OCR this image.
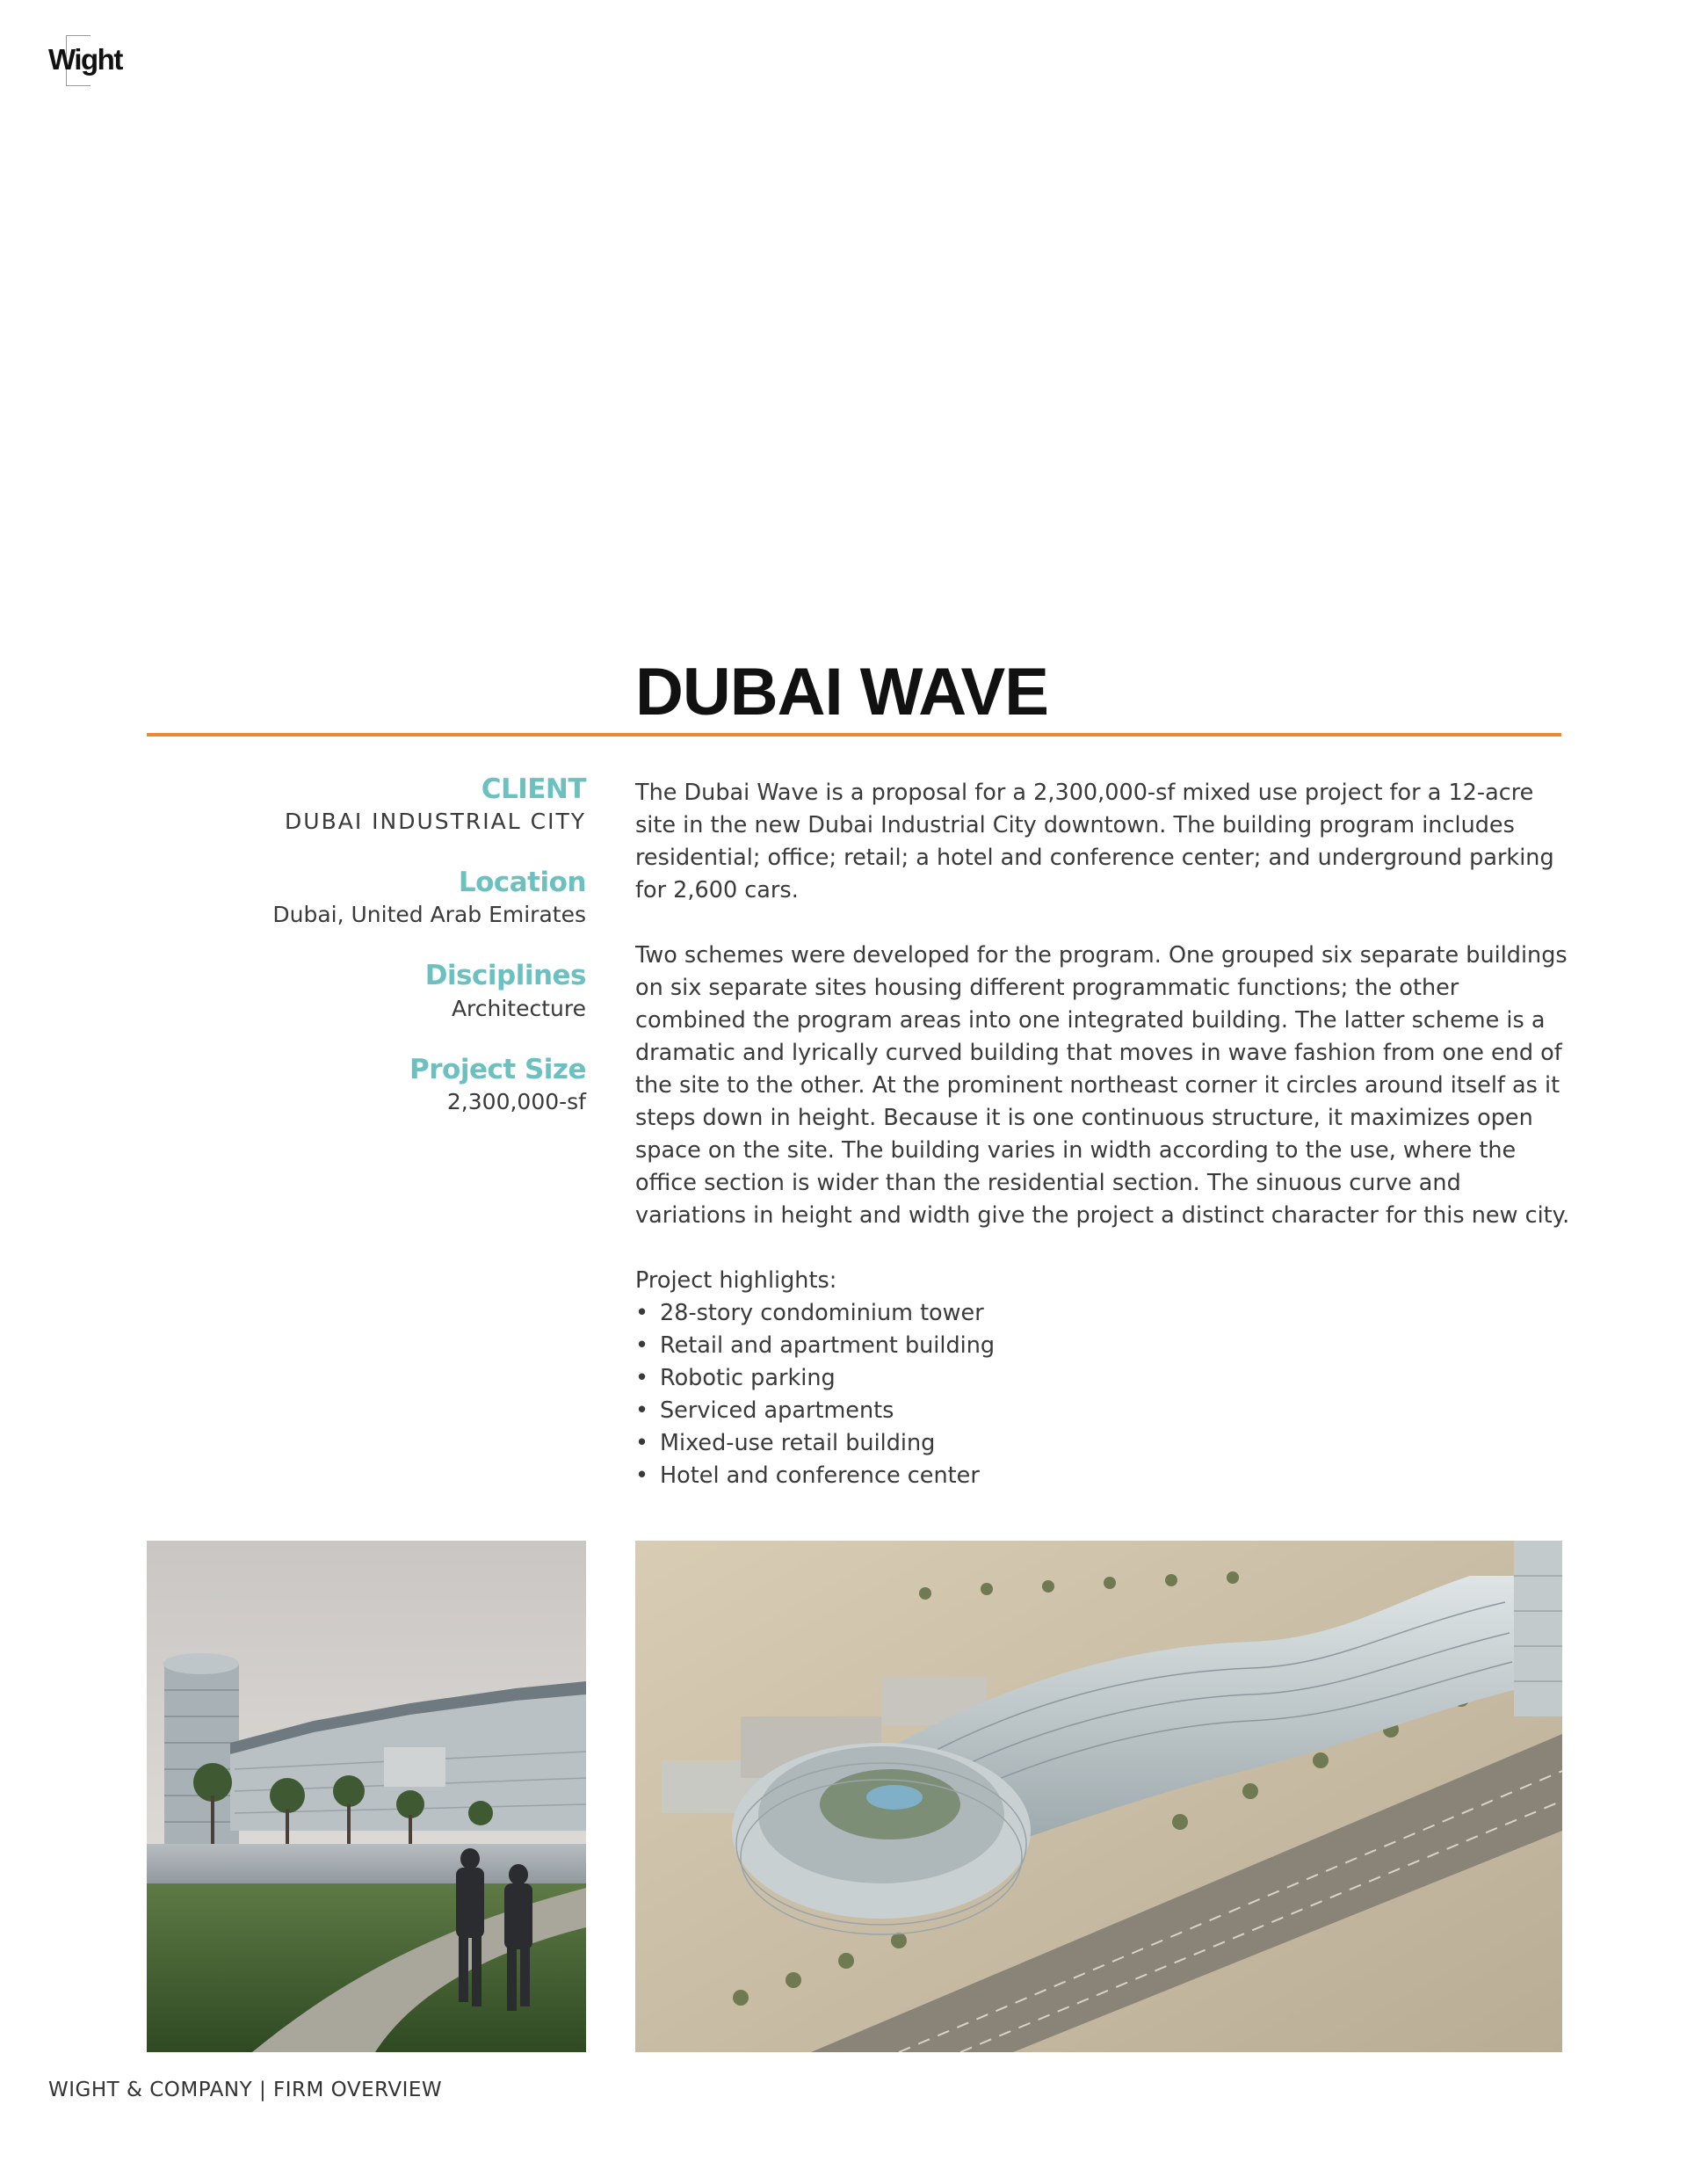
Wight
DUBAI WAVE
CLIENT
DUBAI INDUSTRIAL CITY
Location
Dubai, United Arab Emirates
Disciplines
Architecture
Project Size
2,300,000-sf

The Dubai Wave is a proposal for a 2,300,000-sf mixed use project for a 12-acre site in the new Dubai Industrial City downtown. The building program includes residential; office; retail; a hotel and conference center; and underground parking for 2,600 cars.

Two schemes were developed for the program. One grouped six separate buildings on six separate sites housing different programmatic functions; the other combined the program areas into one integrated building. The latter scheme is a dramatic and lyrically curved building that moves in wave fashion from one end of the site to the other. At the prominent northeast corner it circles around itself as it steps down in height. Because it is one continuous structure, it maximizes open space on the site. The building varies in width according to the use, where the office section is wider than the residential section. The sinuous curve and variations in height and width give the project a distinct character for this new city.

Project highlights:
• 28-story condominium tower
• Retail and apartment building
• Robotic parking
• Serviced apartments
• Mixed-use retail building
• Hotel and conference center
WIGHT & COMPANY | FIRM OVERVIEW
